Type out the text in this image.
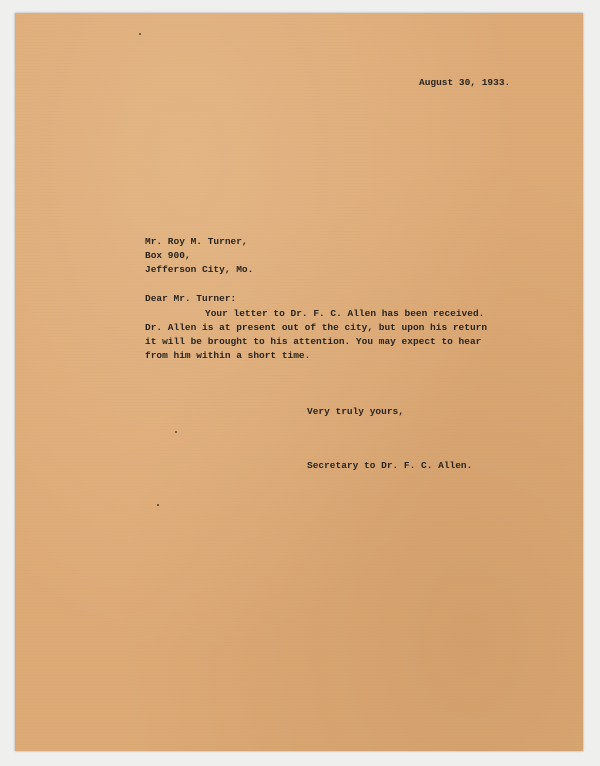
August 30, 1933.
Mr. Roy M. Turner,
Box 900,
Jefferson City, Mo.
Dear Mr. Turner:
Your letter to Dr. F. C. Allen has been received.
Dr. Allen is at present out of the city, but upon his return
it will be brought to his attention. You may expect to hear
from him within a short time.
Very truly yours,
Secretary to Dr. F. C. Allen.
